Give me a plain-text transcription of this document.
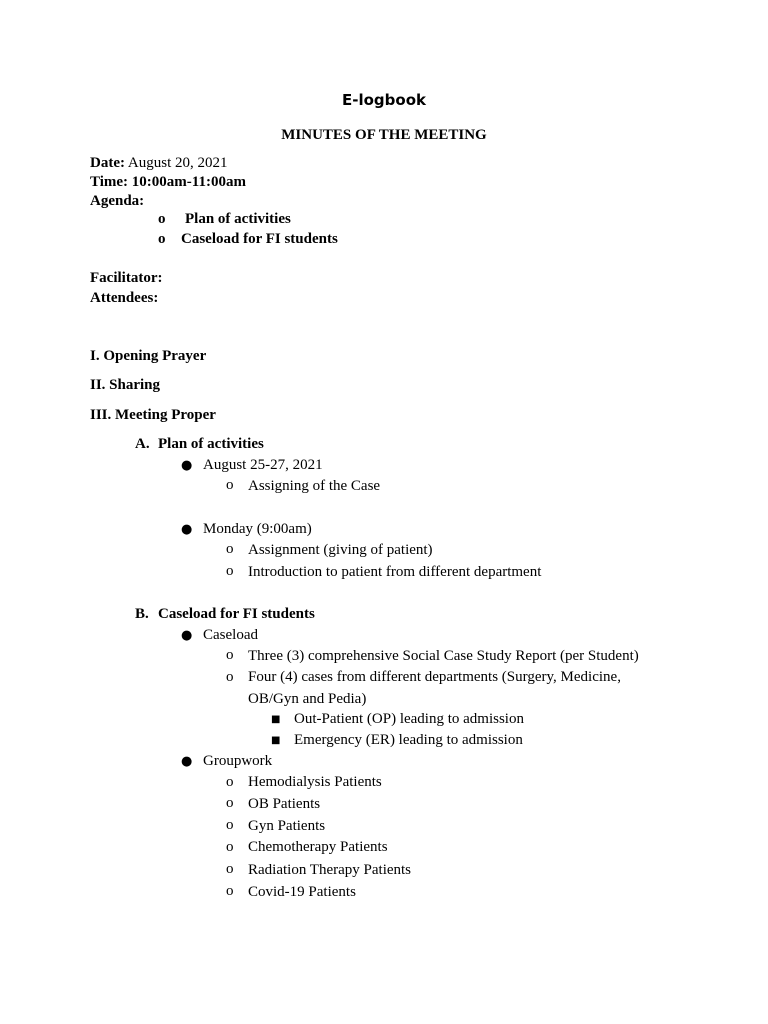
E-logbook
MINUTES OF THE MEETING
Date: August 20, 2021
Time: 10:00am-11:00am
Agenda:
o Plan of activities
o Caseload for FI students
Facilitator:
Attendees:
I. Opening Prayer
II. Sharing
III. Meeting Proper
A. Plan of activities
● August 25-27, 2021
o Assigning of the Case
● Monday (9:00am)
o Assignment (giving of patient)
o Introduction to patient from different department
B. Caseload for FI students
● Caseload
o Three (3) comprehensive Social Case Study Report (per Student)
o Four (4) cases from different departments (Surgery, Medicine,
OB/Gyn and Pedia)
■ Out-Patient (OP) leading to admission
■ Emergency (ER) leading to admission
● Groupwork
o Hemodialysis Patients
o OB Patients
o Gyn Patients
o Chemotherapy Patients
o Radiation Therapy Patients
o Covid-19 Patients
